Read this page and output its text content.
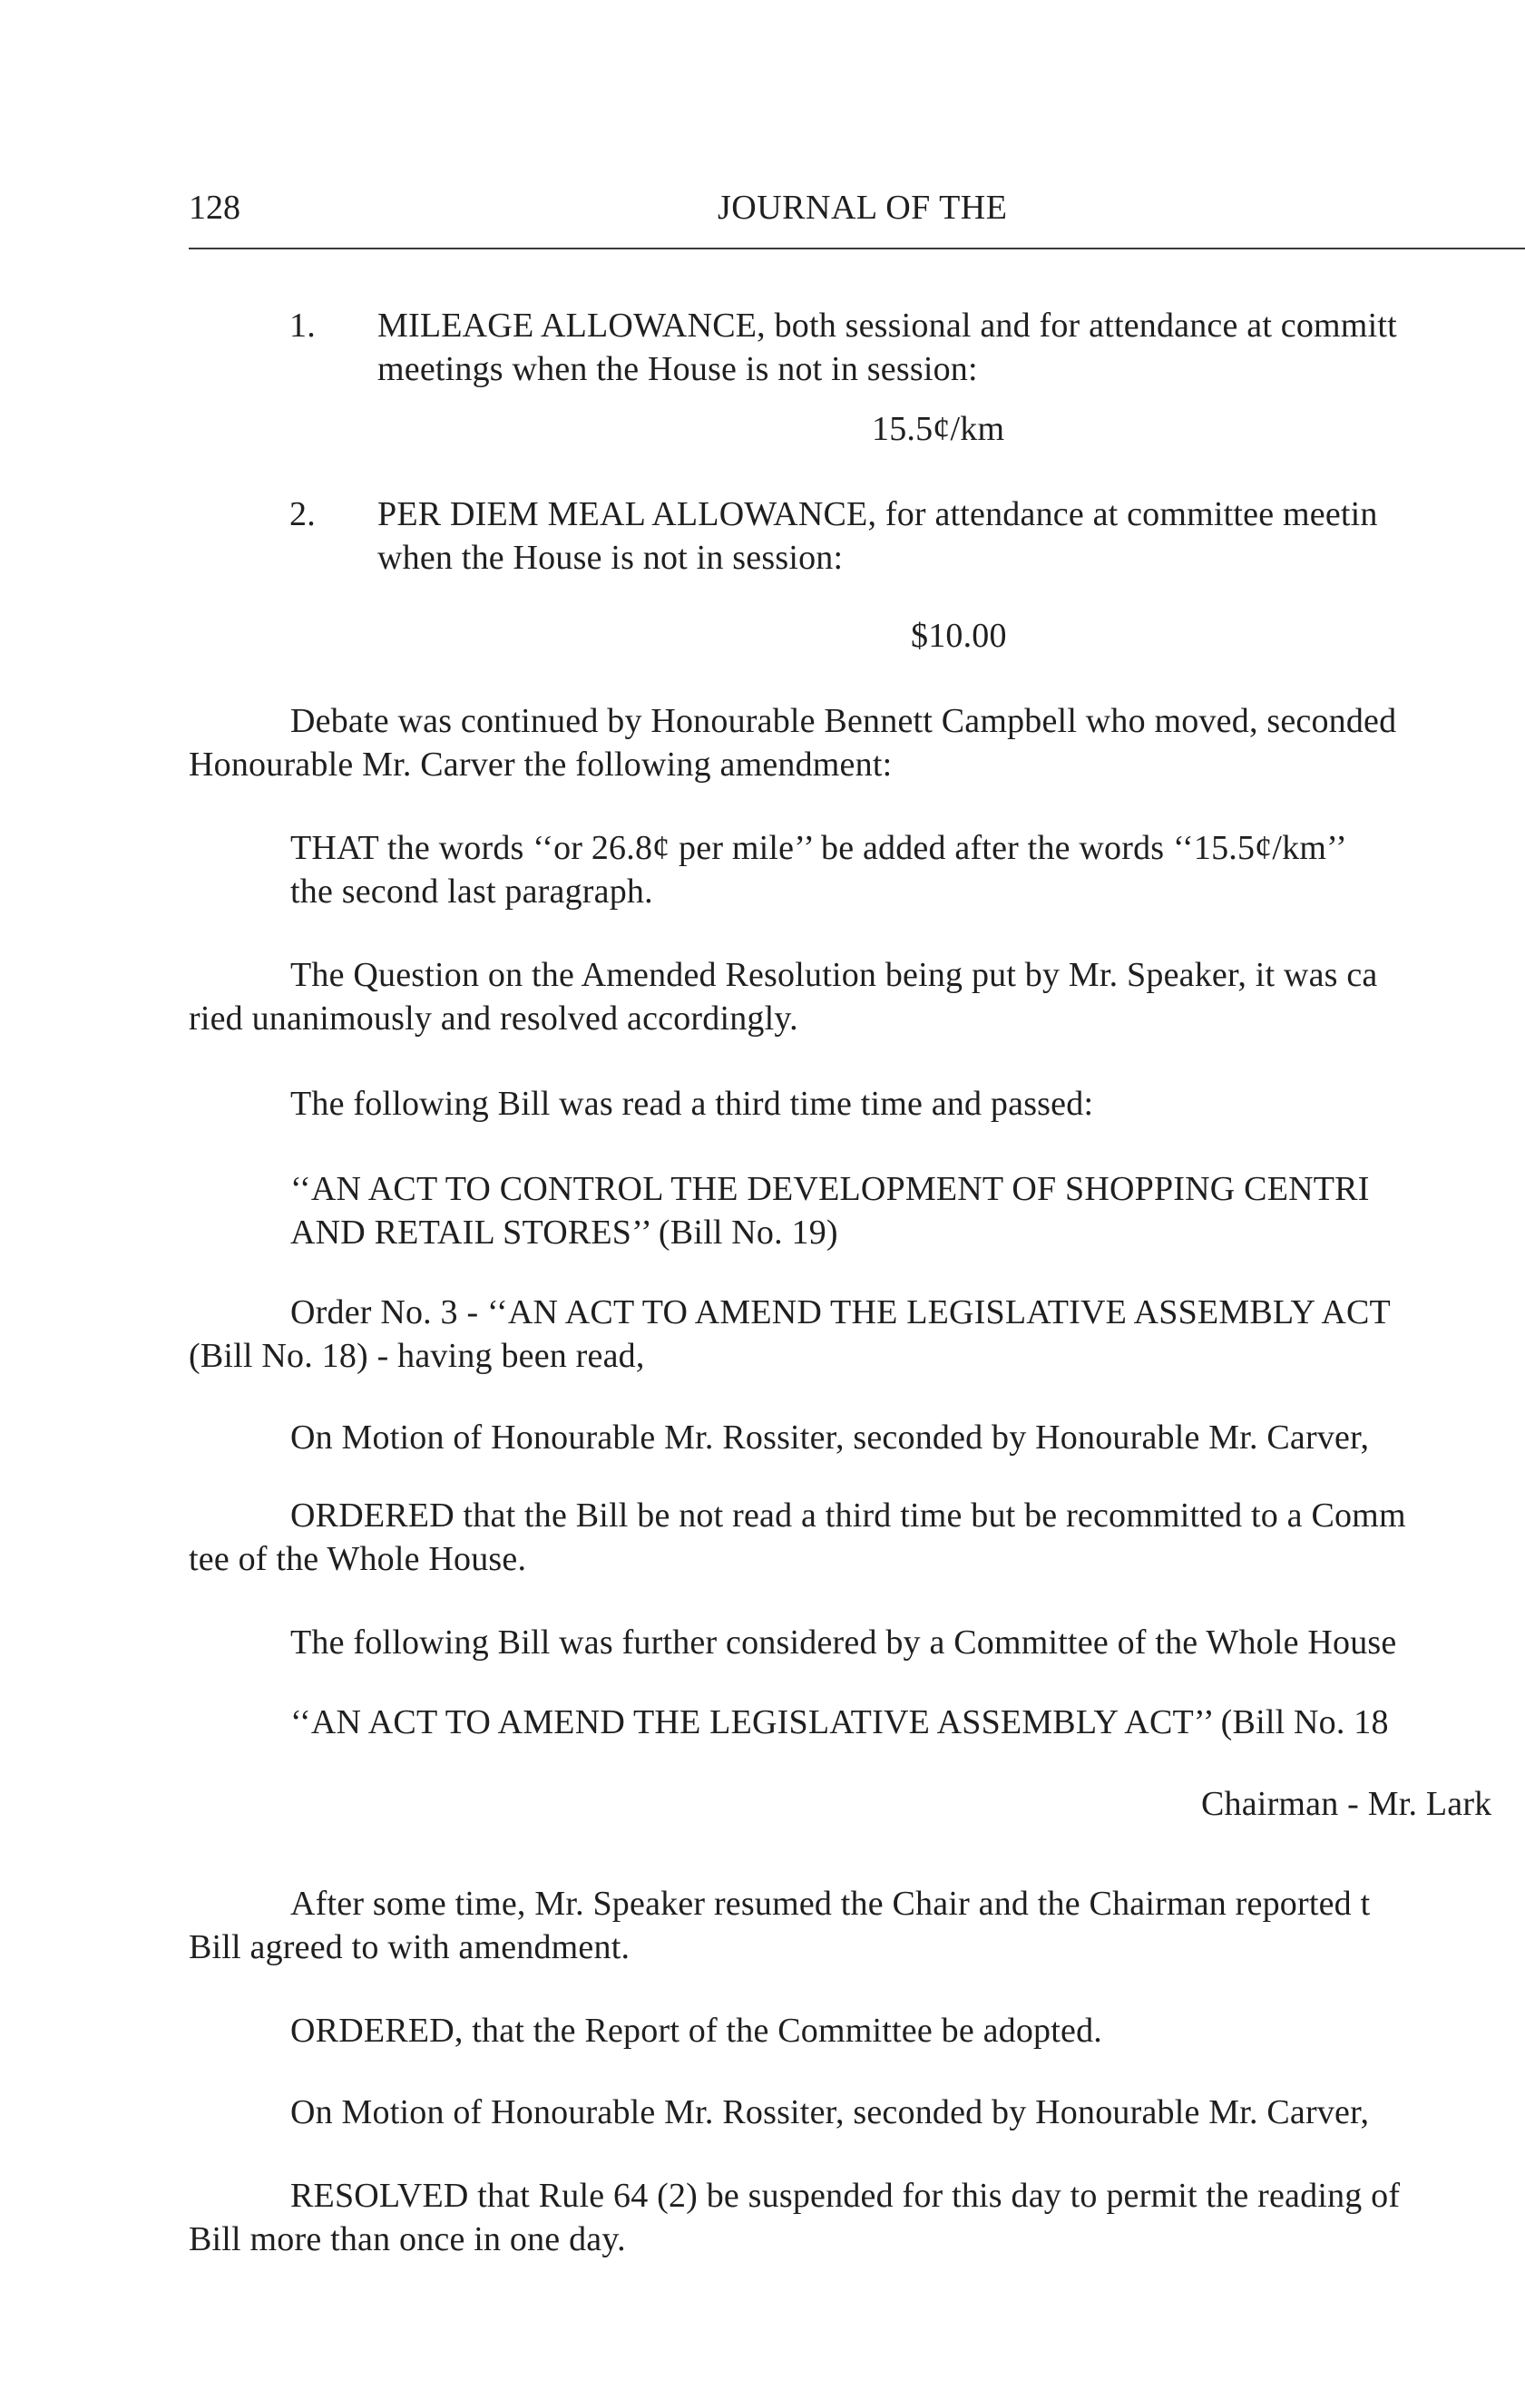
128	JOURNAL OF THE
1. MILEAGE ALLOWANCE, both sessional and for attendance at committ
meetings when the House is not in session:
15.5¢/km
2. PER DIEM MEAL ALLOWANCE, for attendance at committee meetin
when the House is not in session:
$10.00
Debate was continued by Honourable Bennett Campbell who moved, seconded
Honourable Mr. Carver the following amendment:
THAT the words ‘‘or 26.8¢ per mile’’ be added after the words ‘‘15.5¢/km’’
the second last paragraph.
The Question on the Amended Resolution being put by Mr. Speaker, it was ca
ried unanimously and resolved accordingly.
The following Bill was read a third time time and passed:
‘‘AN ACT TO CONTROL THE DEVELOPMENT OF SHOPPING CENTRI
AND RETAIL STORES’’ (Bill No. 19)
Order No. 3 - ‘‘AN ACT TO AMEND THE LEGISLATIVE ASSEMBLY ACT
(Bill No. 18) - having been read,
On Motion of Honourable Mr. Rossiter, seconded by Honourable Mr. Carver,
ORDERED that the Bill be not read a third time but be recommitted to a Comm
tee of the Whole House.
The following Bill was further considered by a Committee of the Whole House
‘‘AN ACT TO AMEND THE LEGISLATIVE ASSEMBLY ACT’’ (Bill No. 18
Chairman - Mr. Lark
After some time, Mr. Speaker resumed the Chair and the Chairman reported t
Bill agreed to with amendment.
ORDERED, that the Report of the Committee be adopted.
On Motion of Honourable Mr. Rossiter, seconded by Honourable Mr. Carver,
RESOLVED that Rule 64 (2) be suspended for this day to permit the reading of
Bill more than once in one day.
